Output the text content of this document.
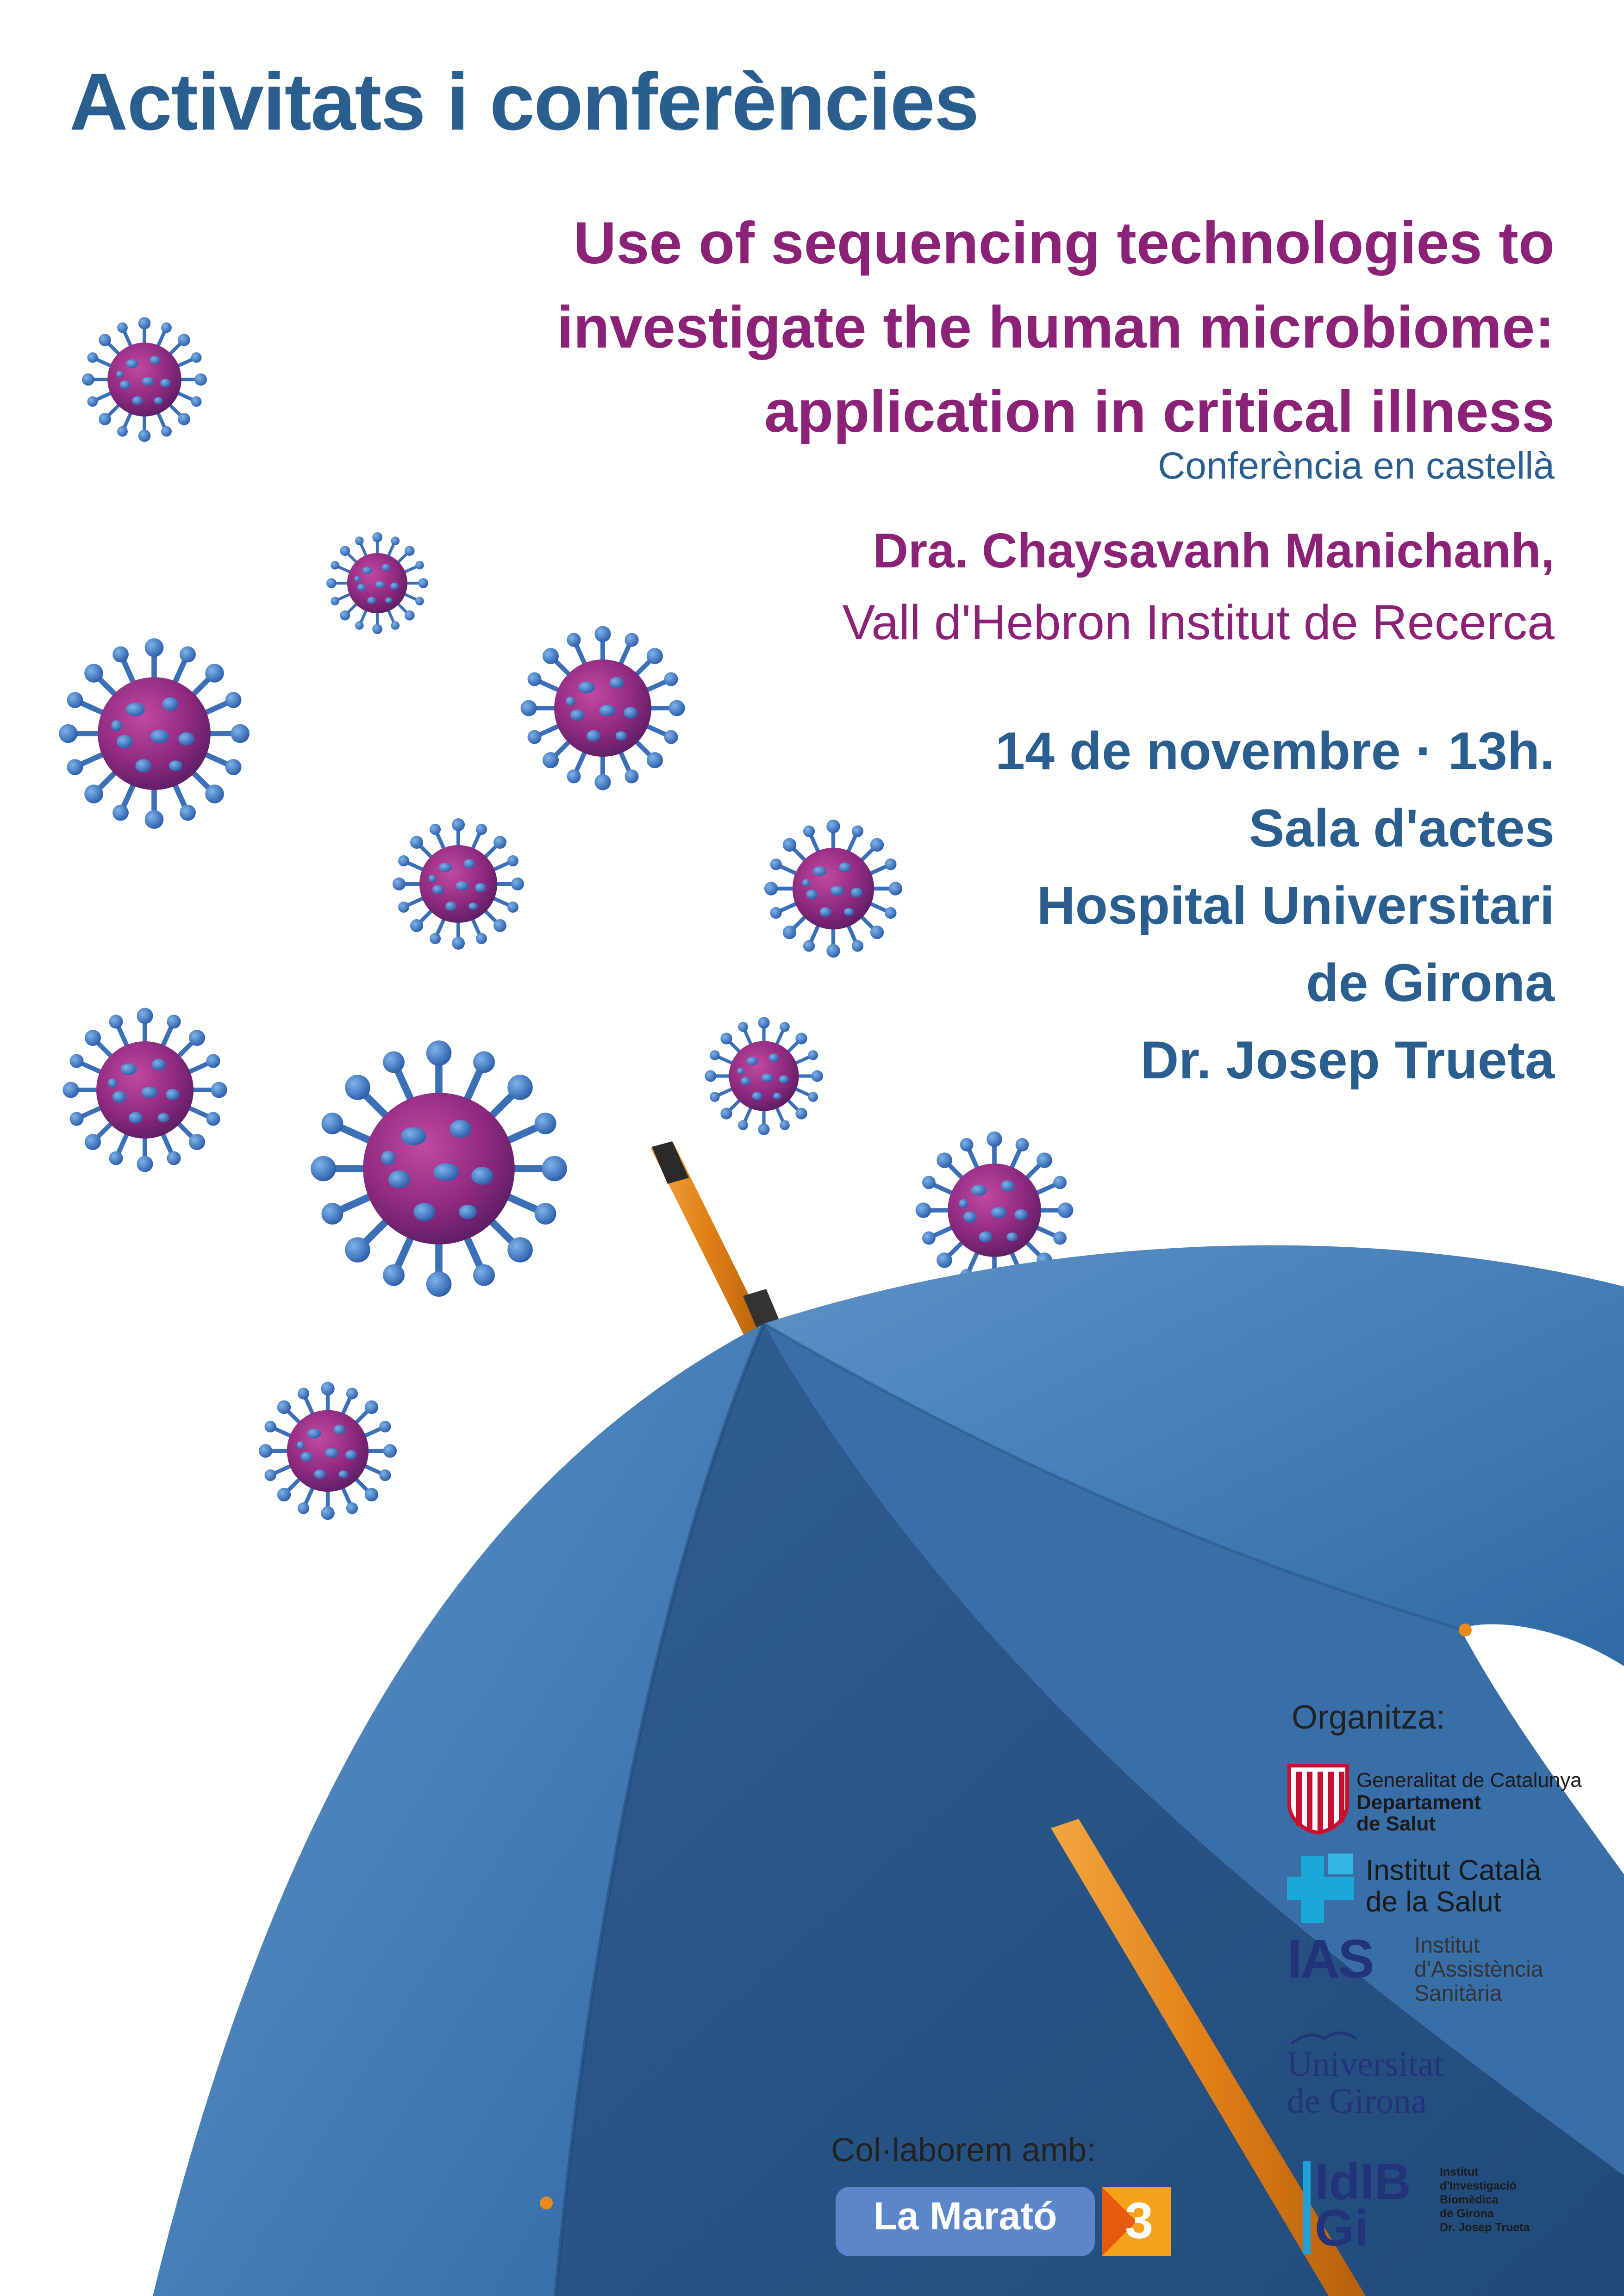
Activitats i conferències
Use of sequencing technologies to
investigate the human microbiome:
application in critical illness
Conferència en castellà
Dra. Chaysavanh Manichanh,
Vall d'Hebron Institut de Recerca
14 de novembre · 13h.
Sala d'actes
Hospital Universitari
de Girona
Dr. Josep Trueta
Organitza:
Generalitat de Catalunya
Departament
de Salut
Institut Català
de la Salut
IAS Institut
d'Assistència
Sanitària
Universitat
de Girona
IdIB
Gi
Institut
d'Investigació
Biomèdica
de Girona
Dr. Josep Trueta
Col·laborem amb:
La Marató	3
